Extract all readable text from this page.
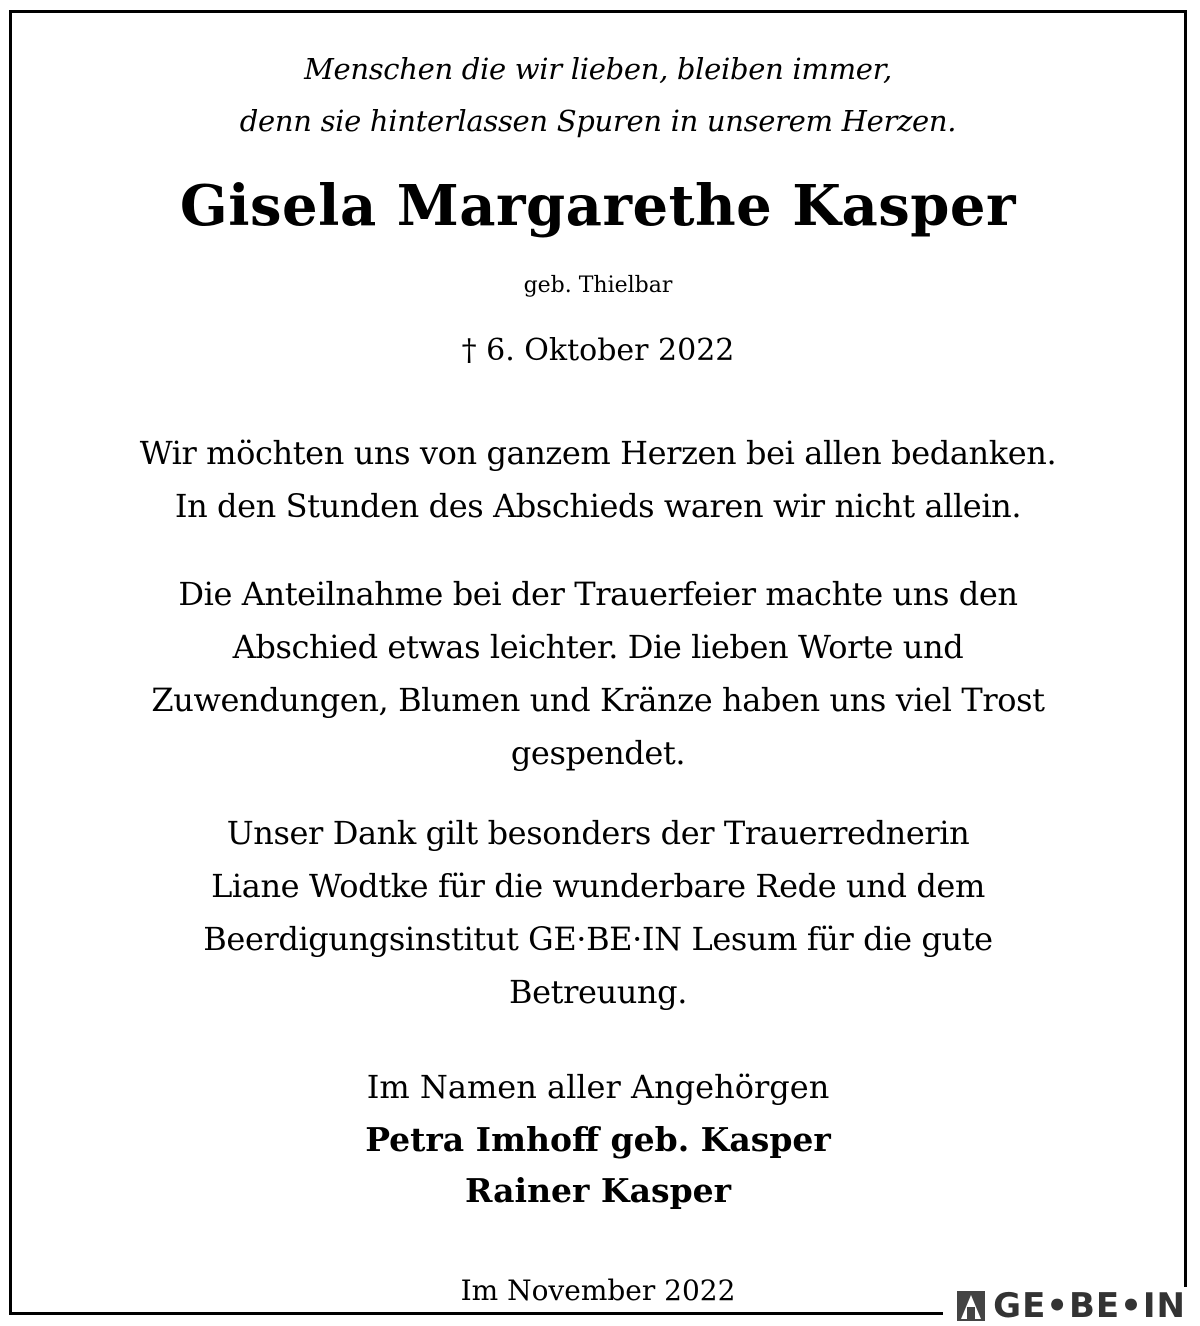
Menschen die wir lieben, bleiben immer,
denn sie hinterlassen Spuren in unserem Herzen.
Gisela Margarethe Kasper
geb. Thielbar
† 6. Oktober 2022
Wir möchten uns von ganzem Herzen bei allen bedanken.
In den Stunden des Abschieds waren wir nicht allein.
Die Anteilnahme bei der Trauerfeier machte uns den
Abschied etwas leichter. Die lieben Worte und
Zuwendungen, Blumen und Kränze haben uns viel Trost
gespendet.
Unser Dank gilt besonders der Trauerrednerin
Liane Wodtke für die wunderbare Rede und dem
Beerdigungsinstitut GE·BE·IN Lesum für die gute
Betreuung.
Im Namen aller Angehörgen
Petra Imhoff geb. Kasper
Rainer Kasper
Im November 2022	GE•BE•IN
